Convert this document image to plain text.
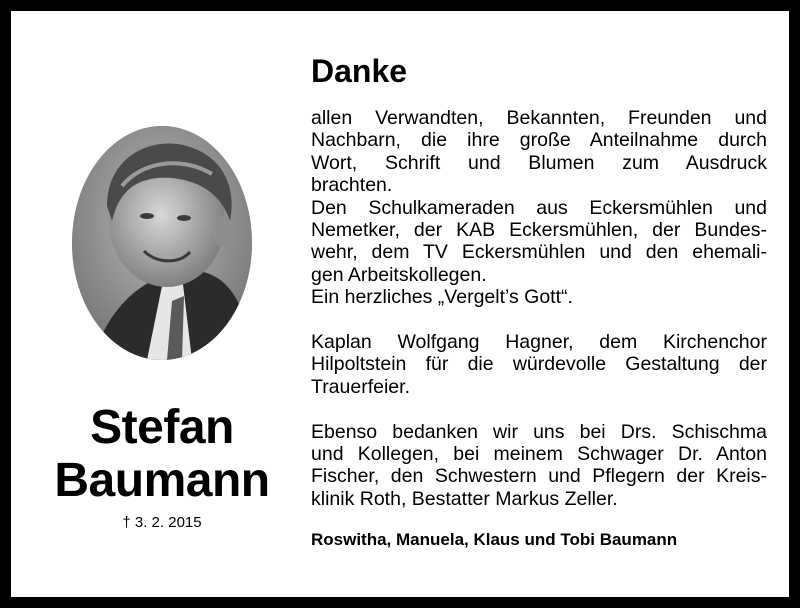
Stefan
Baumann
† 3. 2. 2015
Danke
allen Verwandten, Bekannten, Freunden und
Nachbarn, die ihre große Anteilnahme durch
Wort, Schrift und Blumen zum Ausdruck
brachten.
Den Schulkameraden aus Eckersmühlen und
Nemetker, der KAB Eckersmühlen, der Bundes-
wehr, dem TV Eckersmühlen und den ehemali-
gen Arbeitskollegen.
Ein herzliches „Vergelt’s Gott“.
Kaplan Wolfgang Hagner, dem Kirchenchor
Hilpoltstein für die würdevolle Gestaltung der
Trauerfeier.
Ebenso bedanken wir uns bei Drs. Schischma
und Kollegen, bei meinem Schwager Dr. Anton
Fischer, den Schwestern und Pflegern der Kreis-
klinik Roth, Bestatter Markus Zeller.
Roswitha, Manuela, Klaus und Tobi Baumann
